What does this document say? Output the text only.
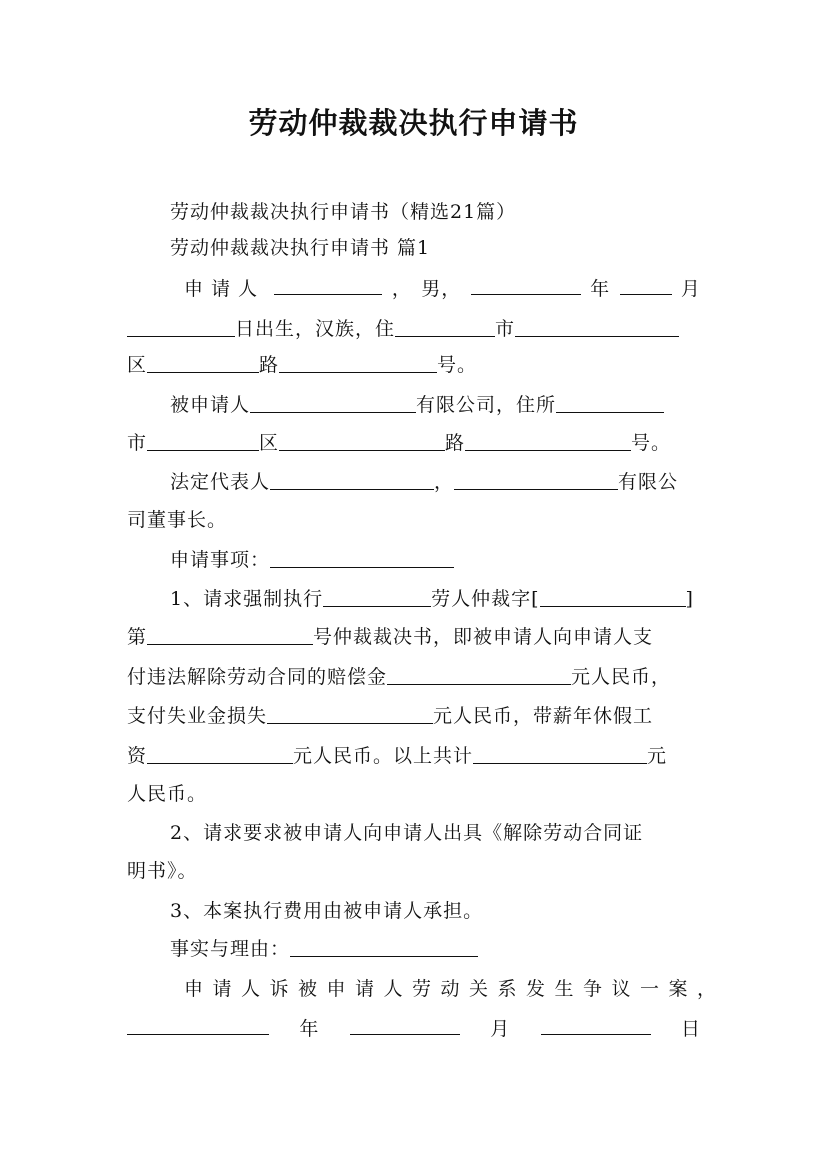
劳动仲裁裁决执行申请书
劳动仲裁裁决执行申请书（精选21篇）
劳动仲裁裁决执行申请书 篇1
申请人	， 男，	年	月
日出生，汉族，住	市
区	路	号。
被申请人	有限公司，住所
市	区	路	号。
法定代表人	，	有限公
司董事长。
申请事项：
1、请求强制执行	劳人仲裁字[	]
第	号仲裁裁决书，即被申请人向申请人支
付违法解除劳动合同的赔偿金	元人民币，
支付失业金损失	元人民币，带薪年休假工
资	元人民币。以上共计	元
人民币。
2、请求要求被申请人向申请人出具《解除劳动合同证
明书》。
3、本案执行费用由被申请人承担。
事实与理由：
申请人诉被申请人劳动关系发生争议一案，
年	月	日
